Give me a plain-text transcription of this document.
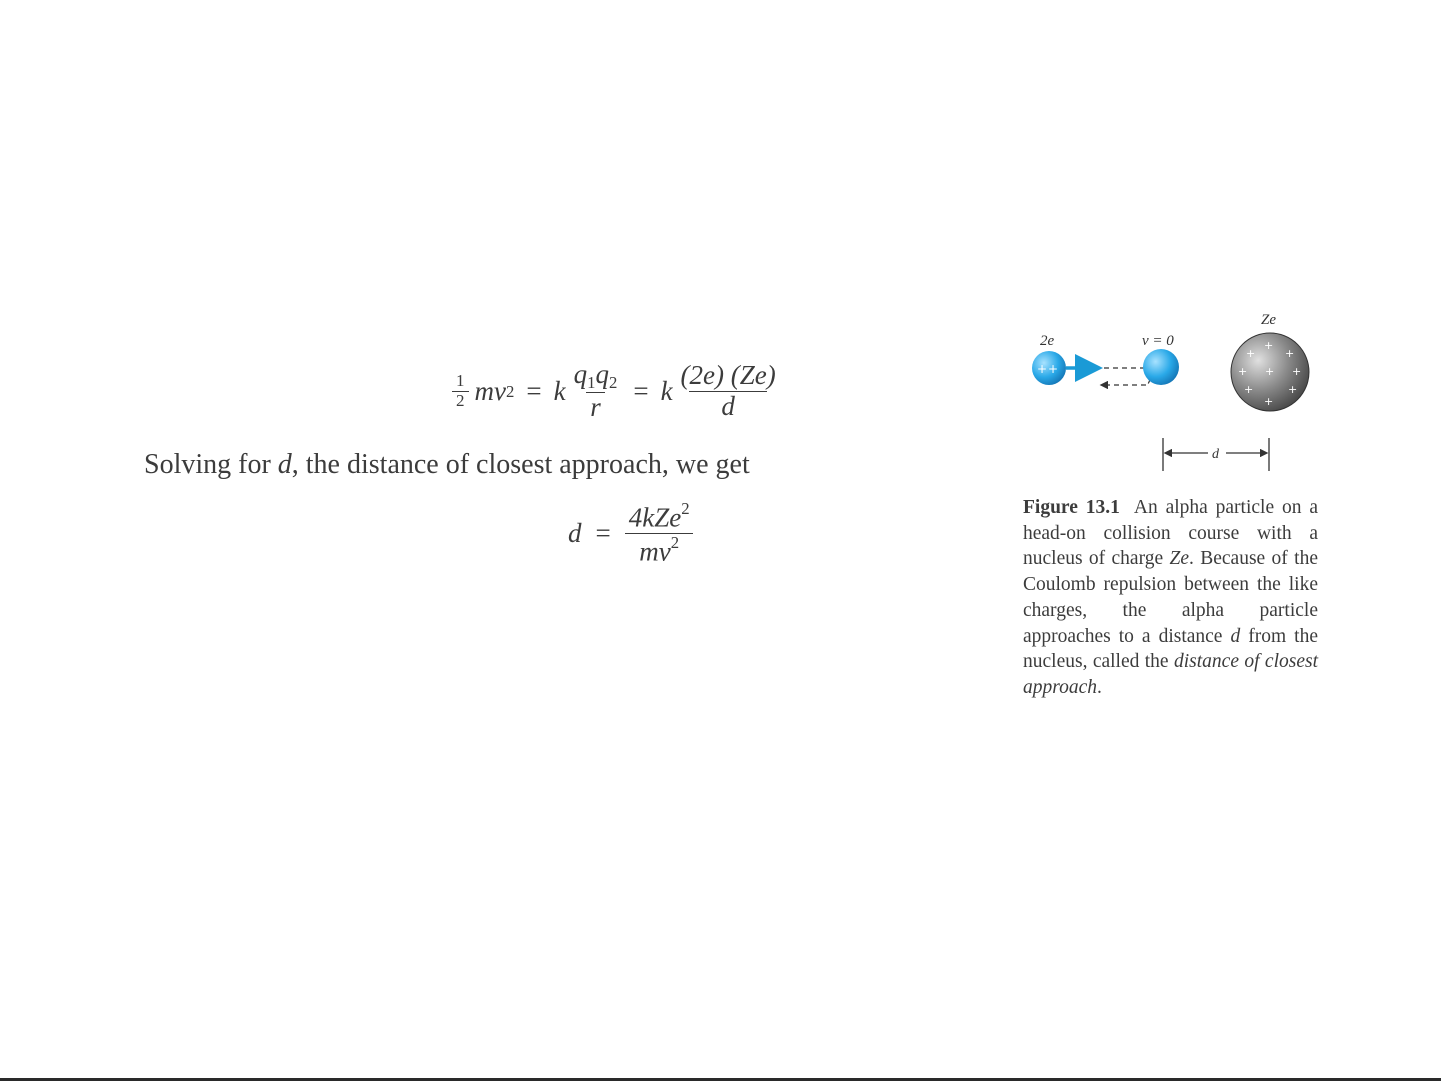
$\frac{1}{2}$ m v 2 = k $\frac{q_1q_2}{r} = k \frac{(2e) (Ze)}{d}$
Solving for d, the distance of closest approach, we get
$d = \frac{4kZe^2}{mv^2}$
2e	v = 0
Ze
+ +
+
+	+
+ + +
+	+
+
d
Figure 13.1 An alpha particle on a head-on collision course with a nucleus of charge Ze. Because of the Coulomb repulsion between the like charges, the alpha particle approaches to a distance d from the nucleus, called the distance of closest approach.
